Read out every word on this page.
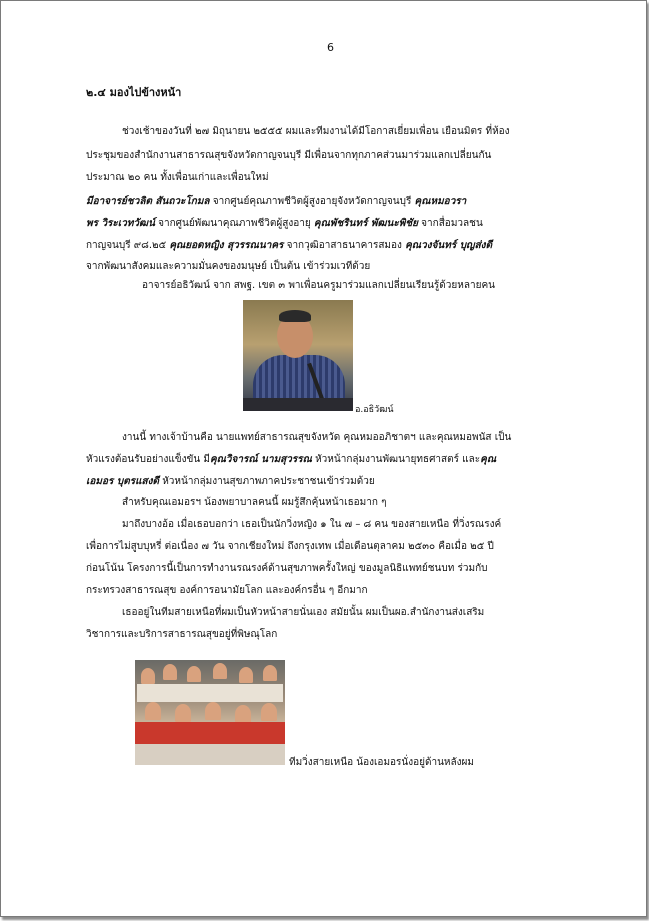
6
๒.๔ มองไปข้างหน้า
ช่วงเช้าของวันที่ ๒๗ มิถุนายน ๒๕๕๕ ผมและทีมงานได้มีโอกาสเยี่ยมเพื่อน เยือนมิตร ที่ห้อง
ประชุมของสำนักงานสาธารณสุขจังหวัดกาญจนบุรี มีเพื่อนจากทุกภาคส่วนมาร่วมแลกเปลี่ยนกัน
ประมาณ ๒๐ คน ทั้งเพื่อนเก่าและเพื่อนใหม่
มีอาจารย์ชวลิต สันถวะโกมล จากศูนย์คุณภาพชีวิตผู้สูงอายุจังหวัดกาญจนบุรี คุณหมอวรา
พร วิระเวทวัฒน์ จากศูนย์พัฒนาคุณภาพชีวิตผู้สูงอายุ คุณพัชรินทร์ พัฒนะพิชัย จากสื่อมวลชน
กาญจนบุรี ๙๘.๒๕ คุณยอดหญิง สุวรรณนาคร จากวุฒิอาสาธนาคารสมอง คุณวงจันทร์ บุญส่งดี
จากพัฒนาสังคมและความมั่นคงของมนุษย์ เป็นต้น เข้าร่วมเวทีด้วย
อาจารย์อธิวัฒน์ จาก สพฐ. เขต ๓ พาเพื่อนครูมาร่วมแลกเปลี่ยนเรียนรู้ด้วยหลายคน
อ.อธิวัฒน์
งานนี้ ทางเจ้าบ้านคือ นายแพทย์สาธารณสุขจังหวัด คุณหมออภิชาตฯ และคุณหมอพนัส เป็น
หัวแรงต้อนรับอย่างแข็งขัน มีคุณวิจารณ์ นามสุวรรณ หัวหน้ากลุ่มงานพัฒนายุทธศาสตร์ และคุณ
เอมอร บุตรแสงดี หัวหน้ากลุ่มงานสุขภาพภาคประชาชนเข้าร่วมด้วย
สำหรับคุณเอมอรฯ น้องพยาบาลคนนี้ ผมรู้สึกคุ้นหน้าเธอมาก ๆ
มาถึงบางอ้อ เมื่อเธอบอกว่า เธอเป็นนักวิ่งหญิง ๑ ใน ๗ – ๘ คน ของสายเหนือ ที่วิ่งรณรงค์
เพื่อการไม่สูบบุหรี่ ต่อเนื่อง ๗ วัน จากเชียงใหม่ ถึงกรุงเทพ เมื่อเดือนตุลาคม ๒๕๓๐ คือเมื่อ ๒๕ ปี
ก่อนโน้น โครงการนี้เป็นการทำงานรณรงค์ด้านสุขภาพครั้งใหญ่ ของมูลนิธิแพทย์ชนบท ร่วมกับ
กระทรวงสาธารณสุข องค์การอนามัยโลก และองค์กรอื่น ๆ อีกมาก
เธออยู่ในทีมสายเหนือที่ผมเป็นหัวหน้าสายนั่นเอง สมัยนั้น ผมเป็นผอ.สำนักงานส่งเสริม
วิชาการและบริการสาธารณสุขอยู่ที่พิษณุโลก
ทีมวิ่งสายเหนือ น้องเอมอรนั่งอยู่ด้านหลังผม
